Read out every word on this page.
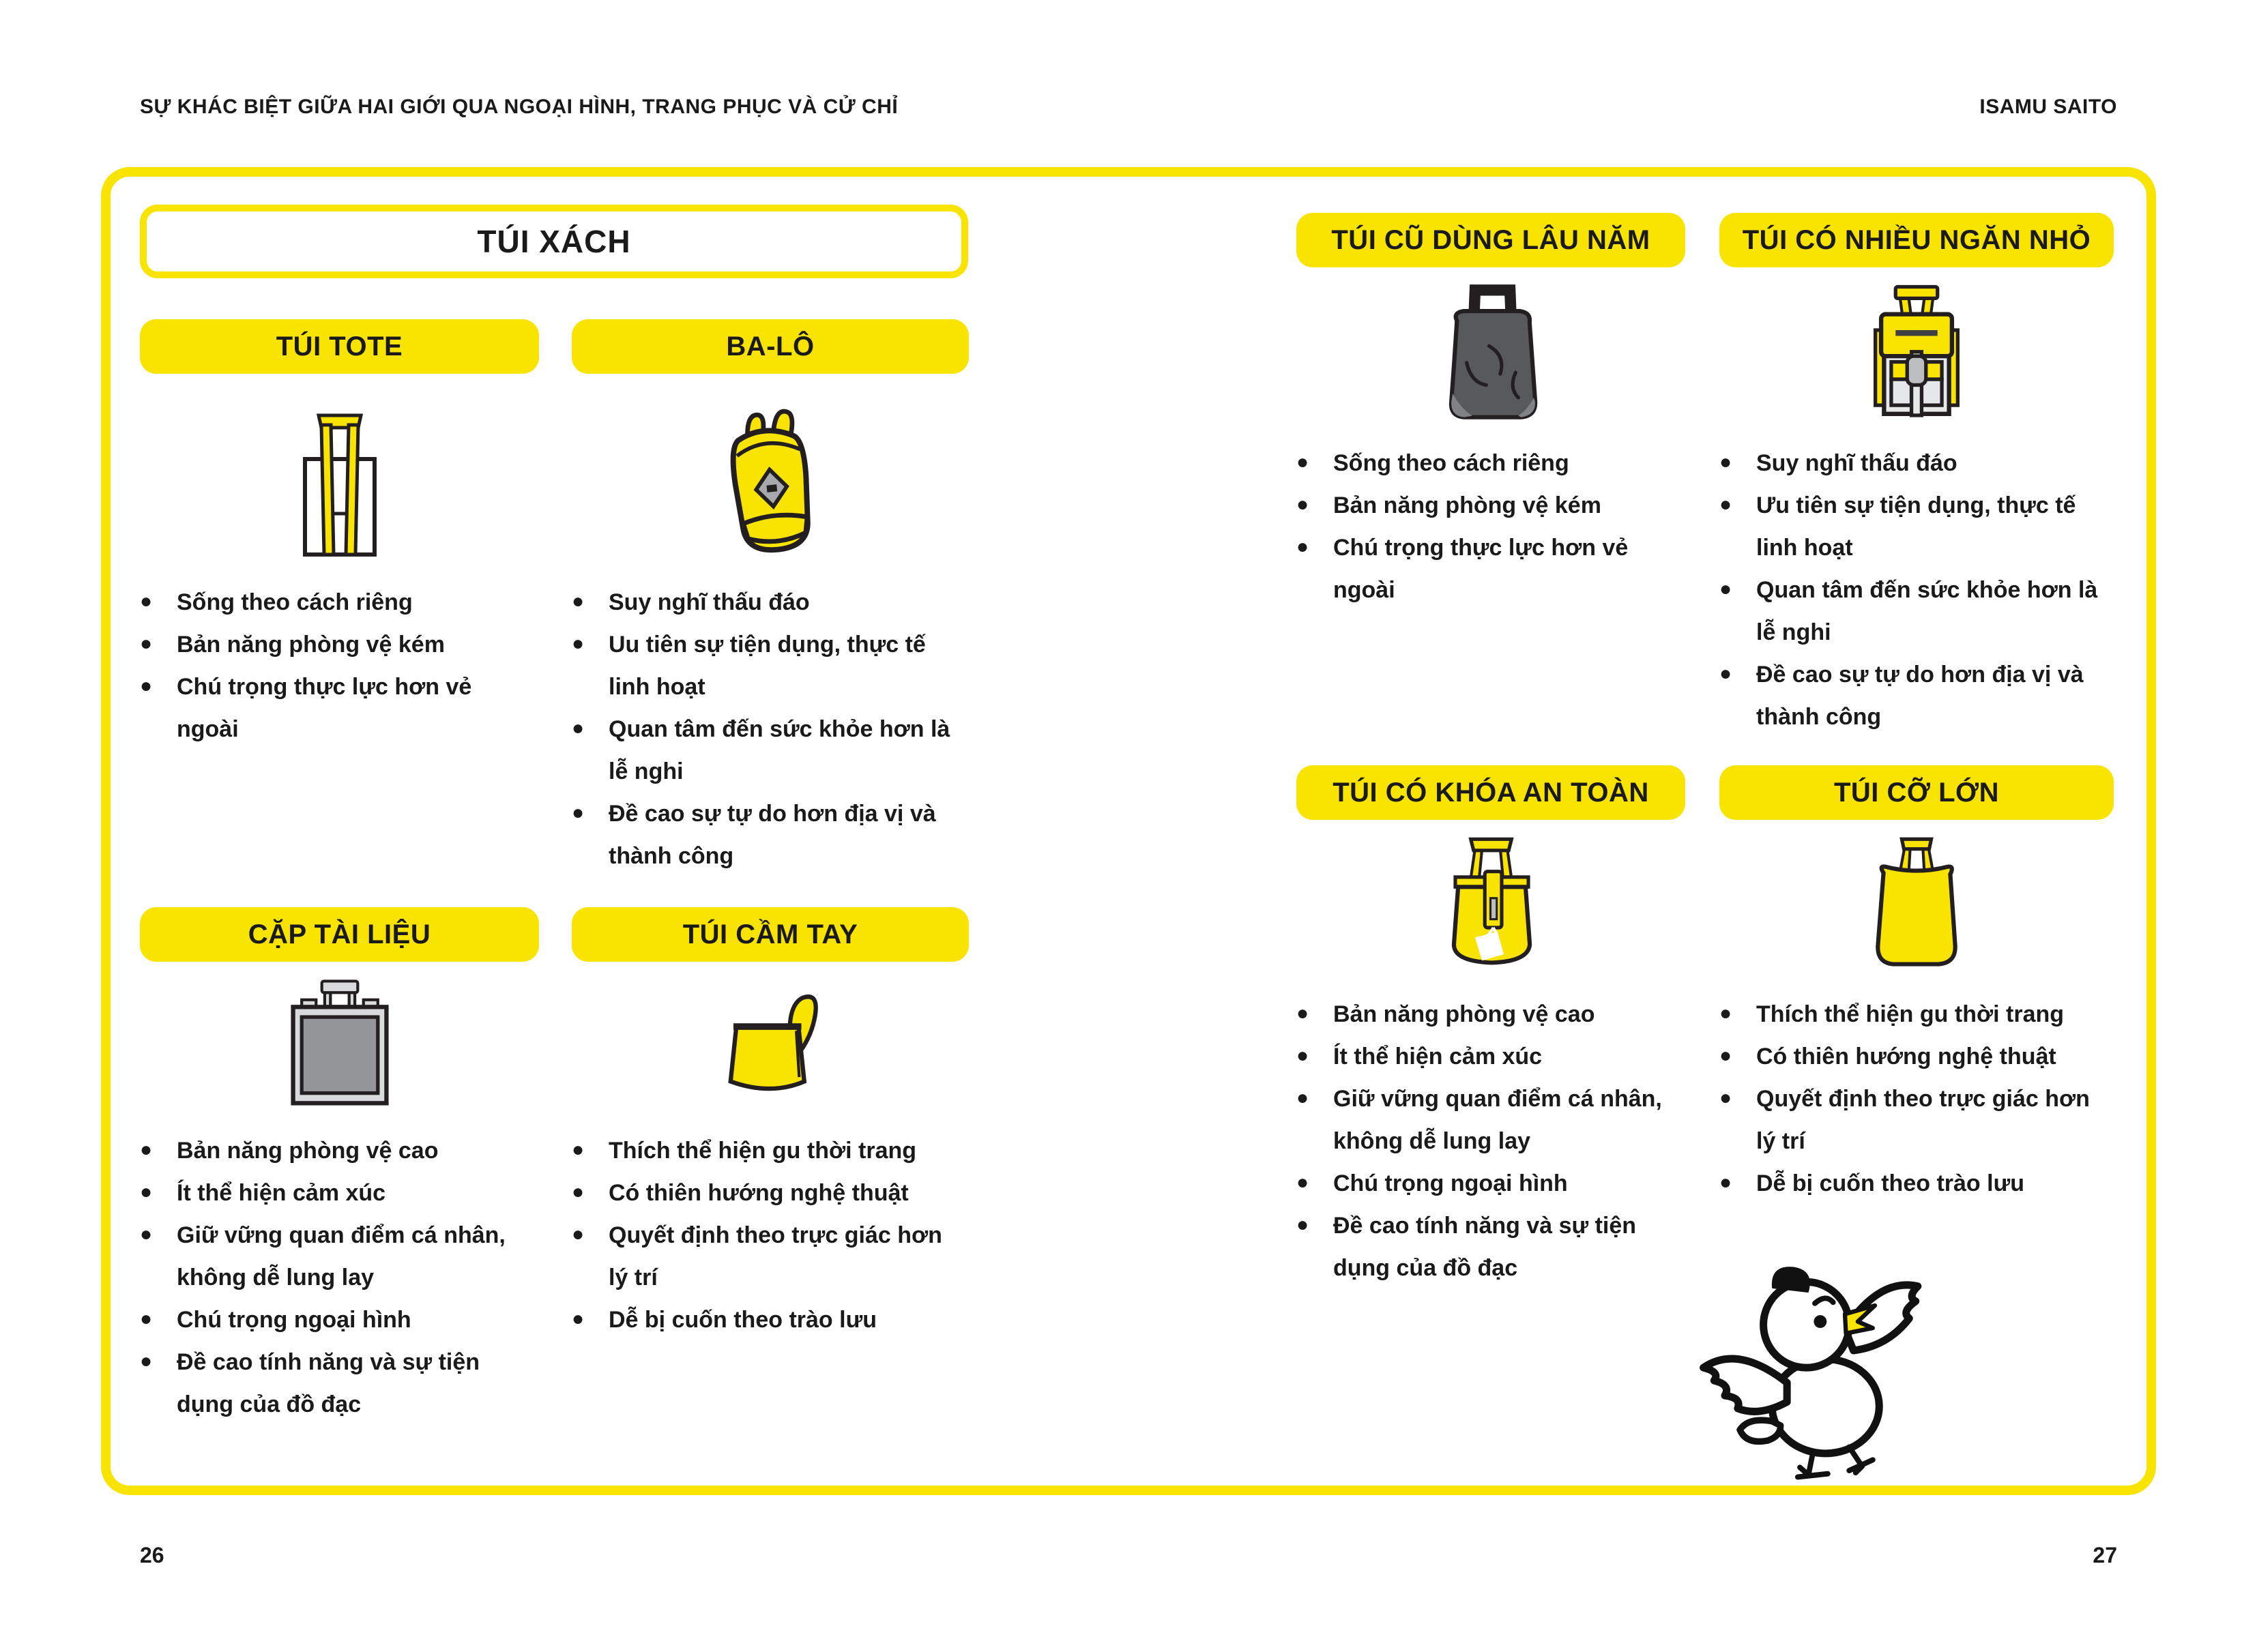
SỰ KHÁC BIỆT GIỮA HAI GIỚI QUA NGOẠI HÌNH, TRANG PHỤC VÀ CỬ CHỈ	ISAMU SAITO
TÚI XÁCH
TÚI TOTE	BA-LÔ
● Sống theo cách riêng
● Bản năng phòng vệ kém
● Chú trọng thực lực hơn vẻ ngoài
● Suy nghĩ thấu đáo
● Uu tiên sự tiện dụng, thực tế linh hoạt
● Quan tâm đến sức khỏe hơn là lễ nghi
● Đề cao sự tự do hơn địa vị và thành công
CẶP TÀI LIỆU	TÚI CẦM TAY
● Bản năng phòng vệ cao
● Ít thể hiện cảm xúc
● Giữ vững quan điểm cá nhân, không dễ lung lay
● Chú trọng ngoại hình
● Đề cao tính năng và sự tiện dụng của đồ đạc
● Thích thể hiện gu thời trang
● Có thiên hướng nghệ thuật
● Quyết định theo trực giác hơn lý trí
● Dễ bị cuốn theo trào lưu
TÚI CŨ DÙNG LÂU NĂM	TÚI CÓ NHIỀU NGĂN NHỎ
● Sống theo cách riêng
● Bản năng phòng vệ kém
● Chú trọng thực lực hơn vẻ ngoài
● Suy nghĩ thấu đáo
● Ưu tiên sự tiện dụng, thực tế linh hoạt
● Quan tâm đến sức khỏe hơn là lễ nghi
● Đề cao sự tự do hơn địa vị và thành công
TÚI CÓ KHÓA AN TOÀN	TÚI CỠ LỚN
● Bản năng phòng vệ cao
● Ít thể hiện cảm xúc
● Giữ vững quan điểm cá nhân, không dễ lung lay
● Chú trọng ngoại hình
● Đề cao tính năng và sự tiện dụng của đồ đạc
● Thích thể hiện gu thời trang
● Có thiên hướng nghệ thuật
● Quyết định theo trực giác hơn lý trí
● Dễ bị cuốn theo trào lưu
26	27
